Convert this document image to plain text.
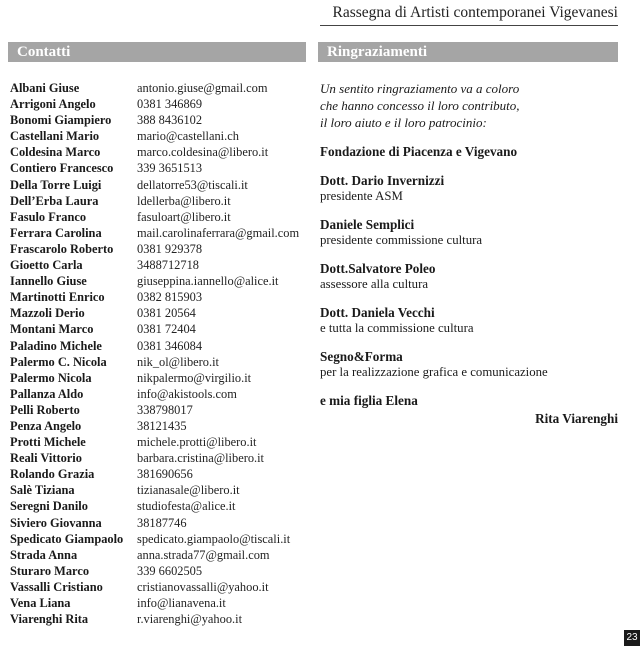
Rassegna di Artisti contemporanei Vigevanesi
Contatti	Ringraziamenti
Albani Giuse	antonio.giuse@gmail.com
Arrigoni Angelo	0381 346869
Bonomi Giampiero	388 8436102
Castellani Mario	mario@castellani.ch
Coldesina Marco	marco.coldesina@libero.it
Contiero Francesco	339 3651513
Della Torre Luigi	dellatorre53@tiscali.it
Dell’Erba Laura	ldellerba@libero.it
Fasulo Franco	fasuloart@libero.it
Ferrara Carolina	mail.carolinaferrara@gmail.com
Frascarolo Roberto	0381 929378
Gioetto Carla	3488712718
Iannello Giuse	giuseppina.iannello@alice.it
Martinotti Enrico	0382 815903
Mazzoli Derio	0381 20564
Montani Marco	0381 72404
Paladino Michele	0381 346084
Palermo C. Nicola	nik_ol@libero.it
Palermo Nicola	nikpalermo@virgilio.it
Pallanza Aldo	info@akistools.com
Pelli Roberto	338798017
Penza Angelo	38121435
Protti Michele	michele.protti@libero.it
Reali Vittorio	barbara.cristina@libero.it
Rolando Grazia	381690656
Salè Tiziana	tizianasale@libero.it
Seregni Danilo	studiofesta@alice.it
Siviero Giovanna	38187746
Spedicato Giampaolo	spedicato.giampaolo@tiscali.it
Strada Anna	anna.strada77@gmail.com
Sturaro Marco	339 6602505
Vassalli Cristiano	cristianovassalli@yahoo.it
Vena Liana	info@lianavena.it
Viarenghi Rita	r.viarenghi@yahoo.it
Un sentito ringraziamento va a coloro
che hanno concesso il loro contributo,
il loro aiuto e il loro patrocinio:
Fondazione di Piacenza e Vigevano
Dott. Dario Invernizzi
presidente ASM
Daniele Semplici
presidente commissione cultura
Dott.Salvatore Poleo
assessore alla cultura
Dott. Daniela Vecchi
e tutta la commissione cultura
Segno&Forma
per la realizzazione grafica e comunicazione
e mia figlia Elena
Rita Viarenghi
23
